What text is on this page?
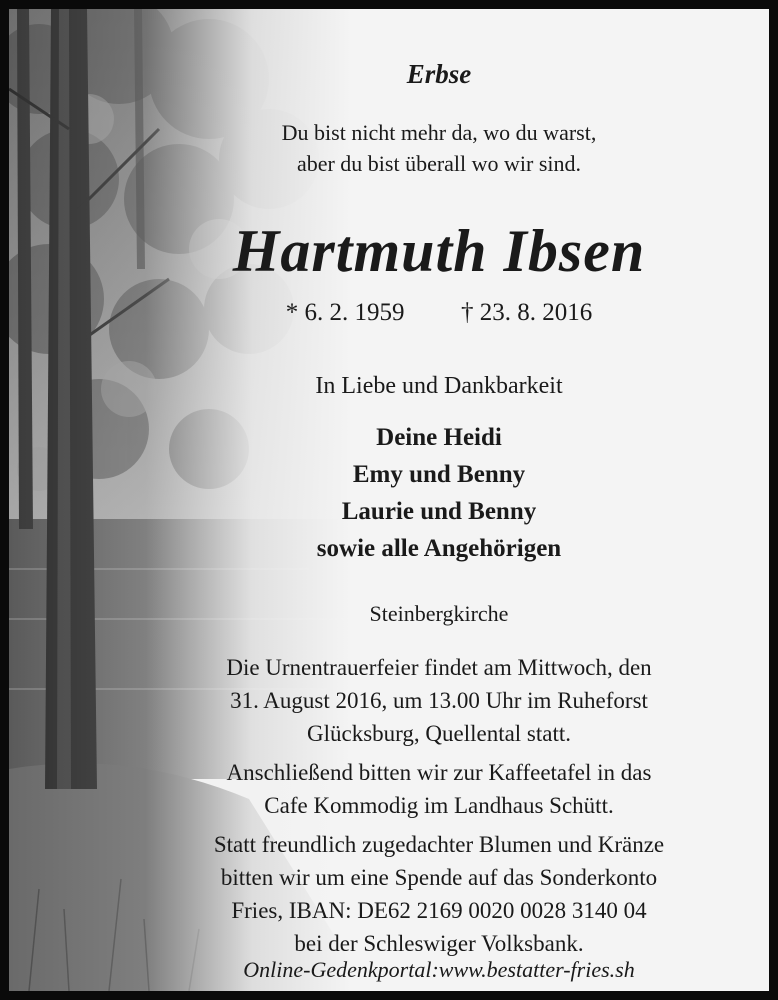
Erbse
Du bist nicht mehr da, wo du warst,
aber du bist überall wo wir sind.
Hartmuth Ibsen
* 6. 2. 1959 † 23. 8. 2016
In Liebe und Dankbarkeit
Deine Heidi
Emy und Benny
Laurie und Benny
sowie alle Angehörigen
Steinbergkirche
Die Urnentrauerfeier findet am Mittwoch, den
31. August 2016, um 13.00 Uhr im Ruheforst
Glücksburg, Quellental statt.
Anschließend bitten wir zur Kaffeetafel in das
Cafe Kommodig im Landhaus Schütt.
Statt freundlich zugedachter Blumen und Kränze
bitten wir um eine Spende auf das Sonderkonto
Fries, IBAN: DE62 2169 0020 0028 3140 04
bei der Schleswiger Volksbank.
Online-Gedenkportal:www.bestatter-fries.sh
